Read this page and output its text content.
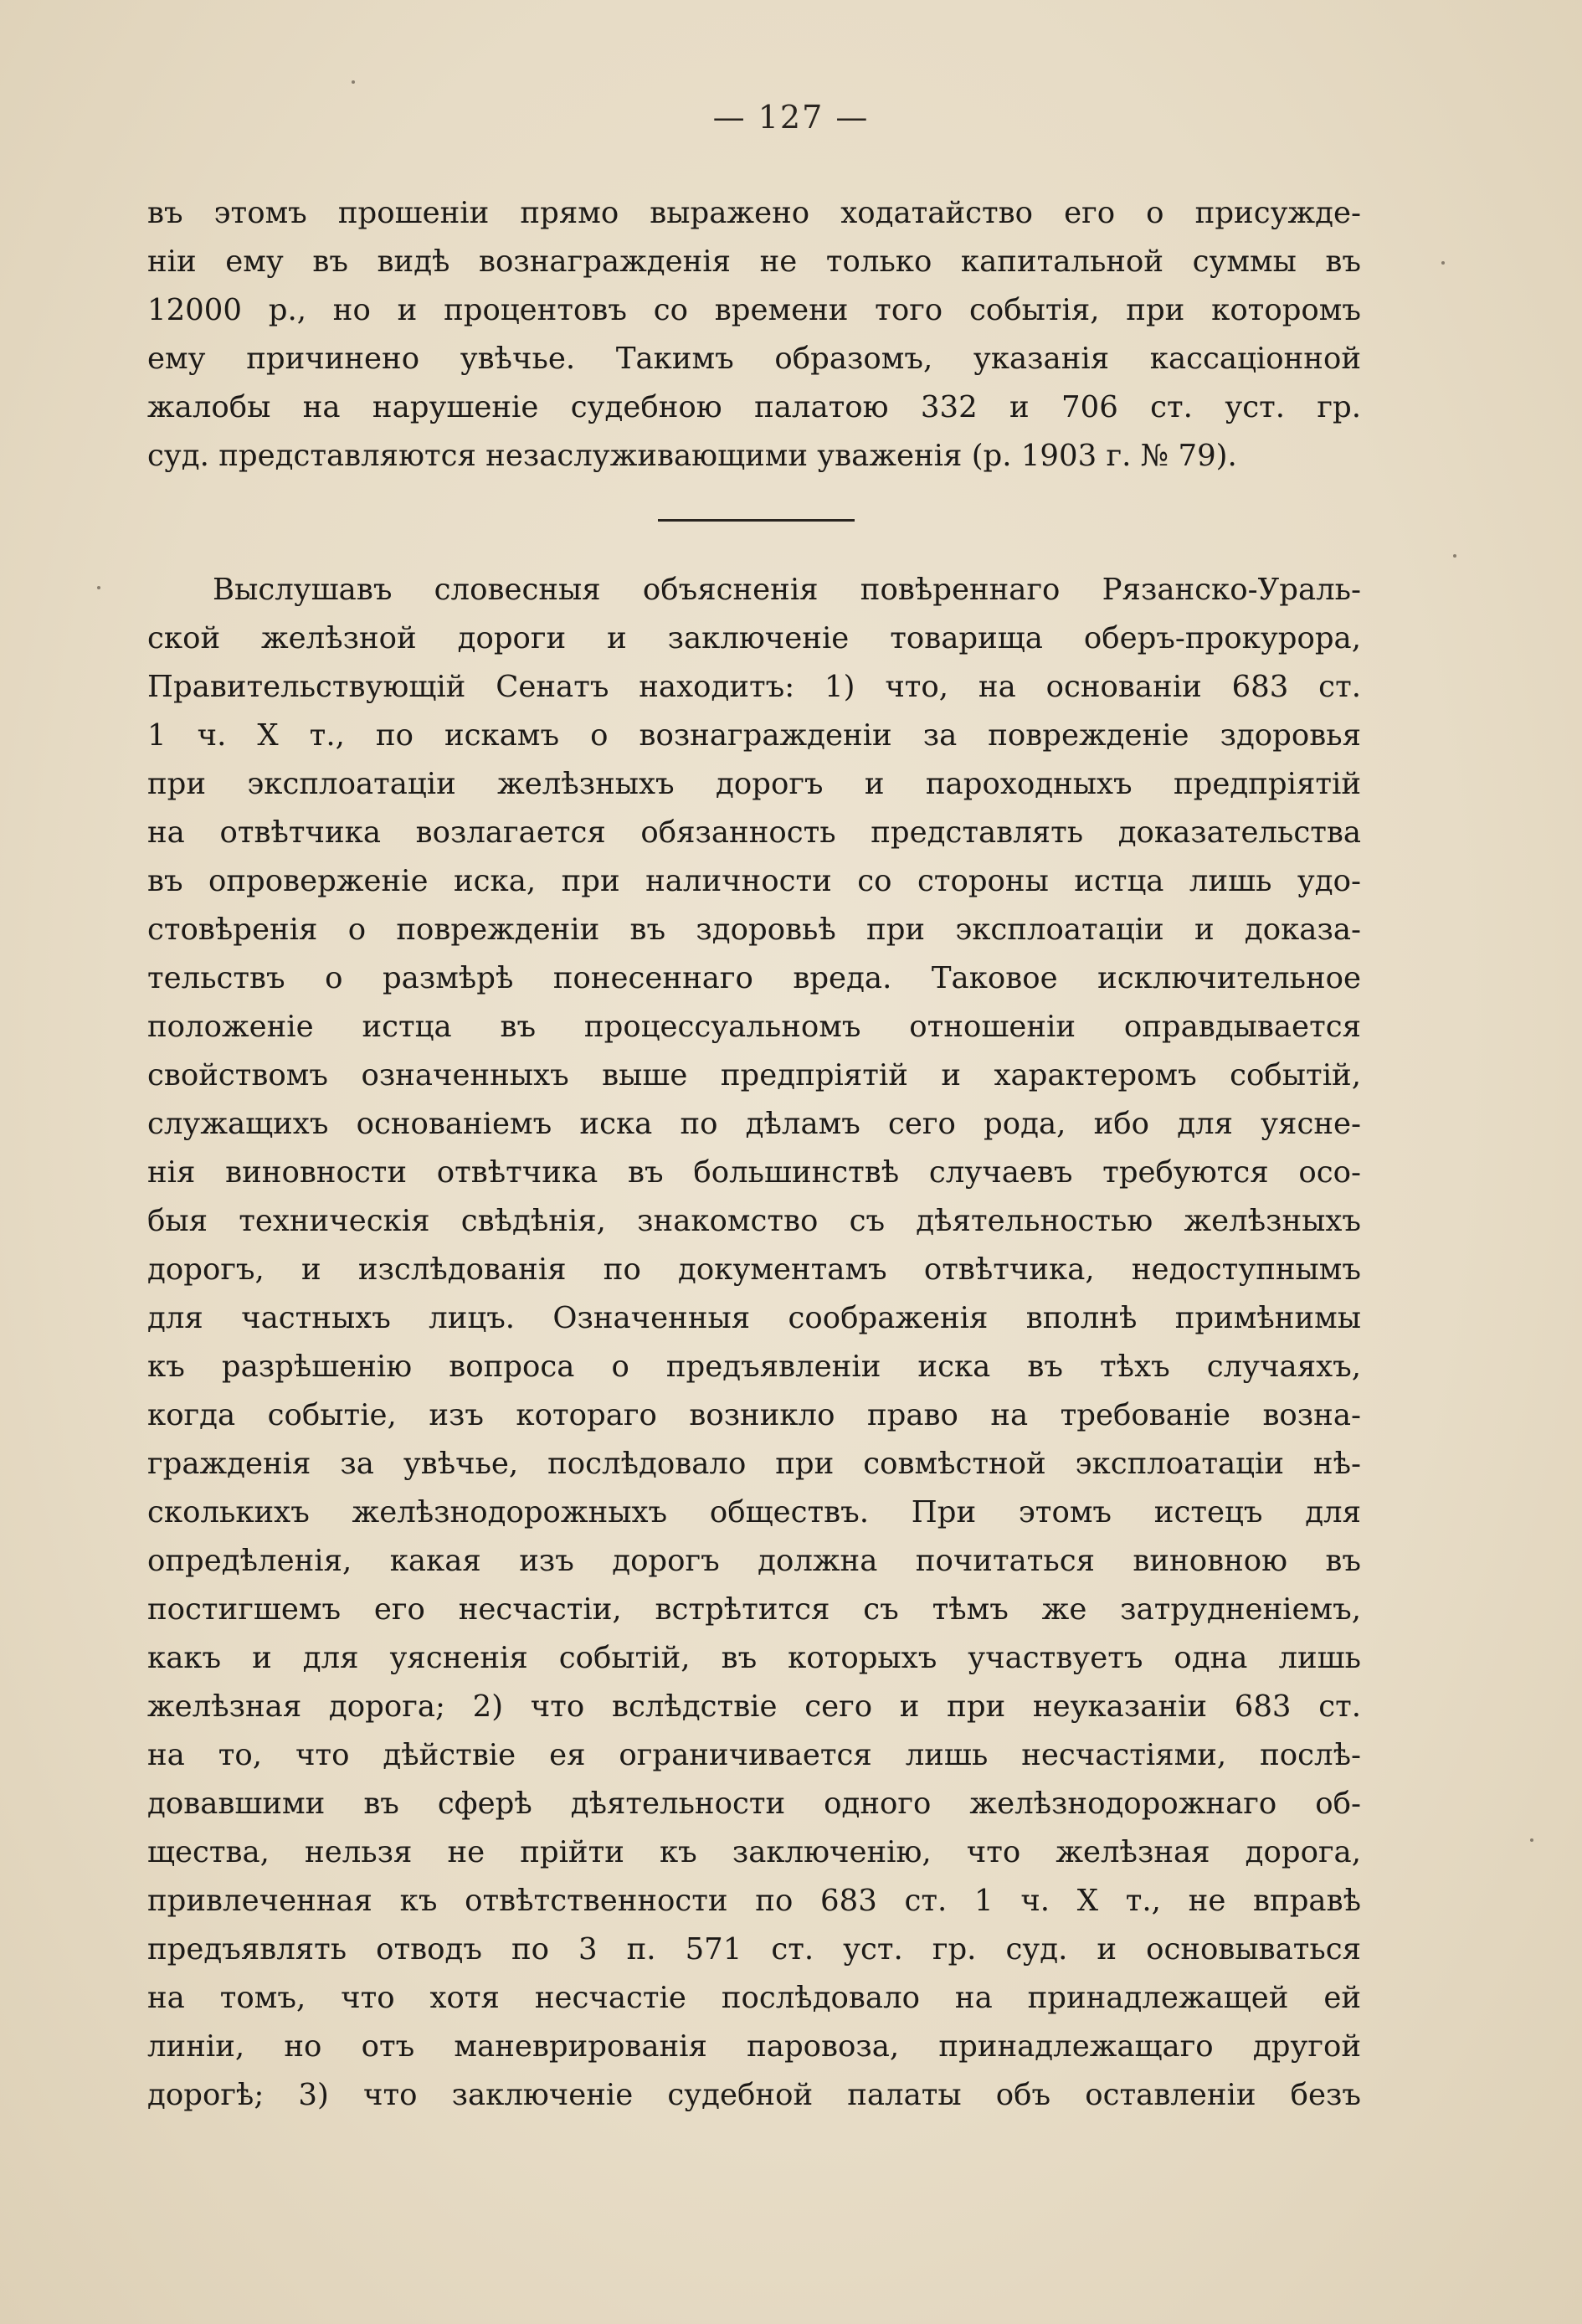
— 127 —
въ этомъ прошенiи прямо выражено ходатайство его о присужде-
нiи ему въ видѣ вознагражденiя не только капитальной суммы въ
12000 р., но и процентовъ со времени того событiя, при которомъ
ему причинено увѣчье. Такимъ образомъ, указанiя кассацiонной
жалобы на нарушенiе судебною палатою 332 и 706 ст. уст. гр.
суд. представляются незаслуживающими уваженiя (р. 1903 г. № 79).
Выслушавъ словесныя объясненiя повѣреннаго Рязанско-Ураль-
ской желѣзной дороги и заключенiе товарища оберъ-прокурора,
Правительствующiй Сенатъ находитъ: 1) что, на основанiи 683 ст.
1 ч. X т., по искамъ о вознагражденiи за поврежденiе здоровья
при эксплоатацiи желѣзныхъ дорогъ и пароходныхъ предпрiятiй
на отвѣтчика возлагается обязанность представлять доказательства
въ опроверженiе иска, при наличности со стороны истца лишь удо-
стовѣренiя о поврежденiи въ здоровьѣ при эксплоатацiи и доказа-
тельствъ о размѣрѣ понесеннаго вреда. Таковое исключительное
положенiе истца въ процессуальномъ отношенiи оправдывается
свойствомъ означенныхъ выше предпрiятiй и характеромъ событiй,
служащихъ основанiемъ иска по дѣламъ сего рода, ибо для уясне-
нiя виновности отвѣтчика въ большинствѣ случаевъ требуются осо-
быя техническiя свѣдѣнiя, знакомство съ дѣятельностью желѣзныхъ
дорогъ, и изслѣдованiя по документамъ отвѣтчика, недоступнымъ
для частныхъ лицъ. Означенныя соображенiя вполнѣ примѣнимы
къ разрѣшенiю вопроса о предъявленiи иска въ тѣхъ случаяхъ,
когда событiе, изъ котораго возникло право на требованiе возна-
гражденiя за увѣчье, послѣдовало при совмѣстной эксплоатацiи нѣ-
сколькихъ желѣзнодорожныхъ обществъ. При этомъ истецъ для
опредѣленiя, какая изъ дорогъ должна почитаться виновною въ
постигшемъ его несчастiи, встрѣтится съ тѣмъ же затрудненiемъ,
какъ и для уясненiя событiй, въ которыхъ участвуетъ одна лишь
желѣзная дорога; 2) что вслѣдствiе сего и при неуказанiи 683 ст.
на то, что дѣйствiе ея ограничивается лишь несчастiями, послѣ-
довавшими въ сферѣ дѣятельности одного желѣзнодорожнаго об-
щества, нельзя не прiйти къ заключенiю, что желѣзная дорога,
привлеченная къ отвѣтственности по 683 ст. 1 ч. X т., не вправѣ
предъявлять отводъ по 3 п. 571 ст. уст. гр. суд. и основываться
на томъ, что хотя несчастiе послѣдовало на принадлежащей ей
линiи, но отъ маневрированiя паровоза, принадлежащаго другой
дорогѣ; 3) что заключенiе судебной палаты объ оставленiи безъ
